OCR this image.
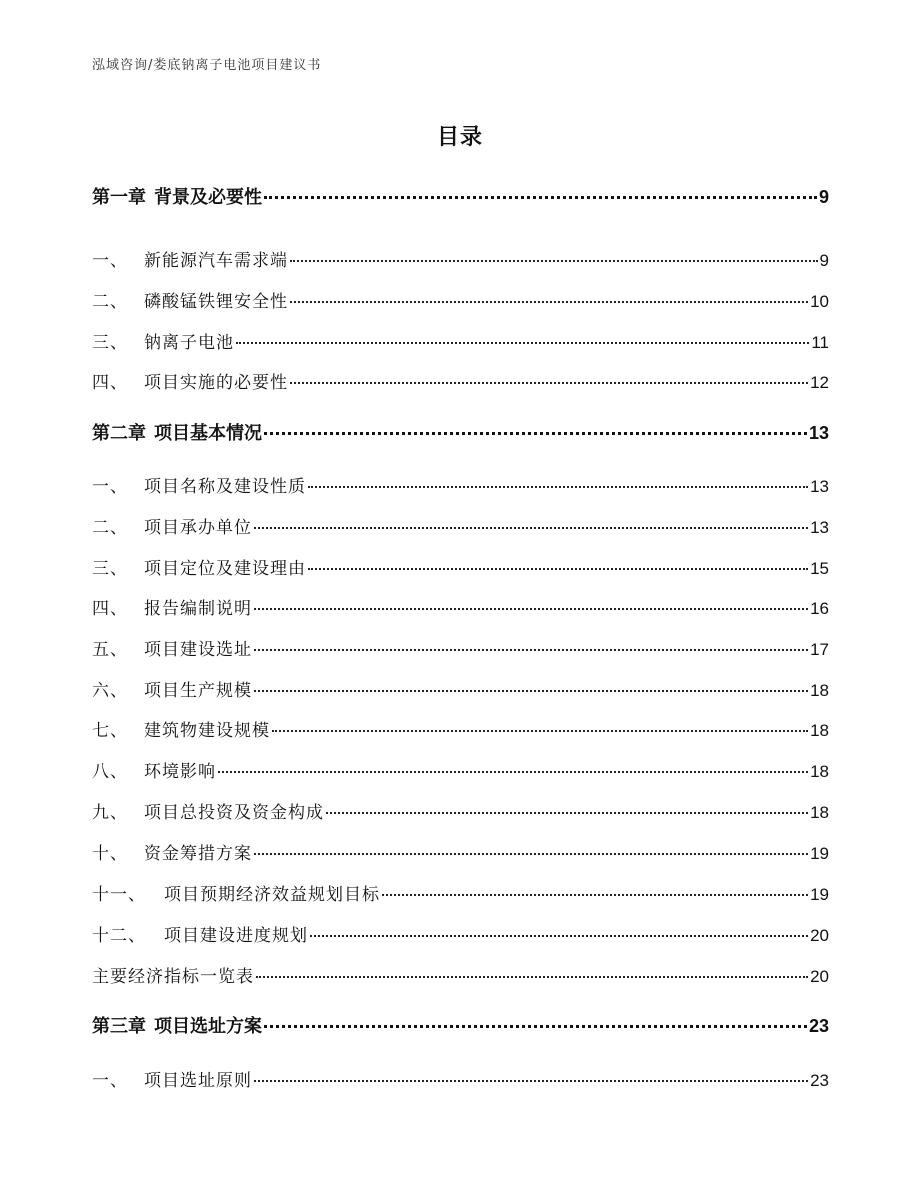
泓域咨询/娄底钠离子电池项目建议书
目录
第一章 背景及必要性	9
一、 新能源汽车需求端	9
二、 磷酸锰铁锂安全性	10
三、 钠离子电池	11
四、 项目实施的必要性	12
第二章 项目基本情况	13
一、 项目名称及建设性质	13
二、 项目承办单位	13
三、 项目定位及建设理由	15
四、 报告编制说明	16
五、 项目建设选址	17
六、 项目生产规模	18
七、 建筑物建设规模	18
八、 环境影响	18
九、 项目总投资及资金构成	18
十、 资金筹措方案	19
十一、	项目预期经济效益规划目标	19
十二、	项目建设进度规划	20
主要经济指标一览表	20
第三章 项目选址方案	23
一、 项目选址原则	23
